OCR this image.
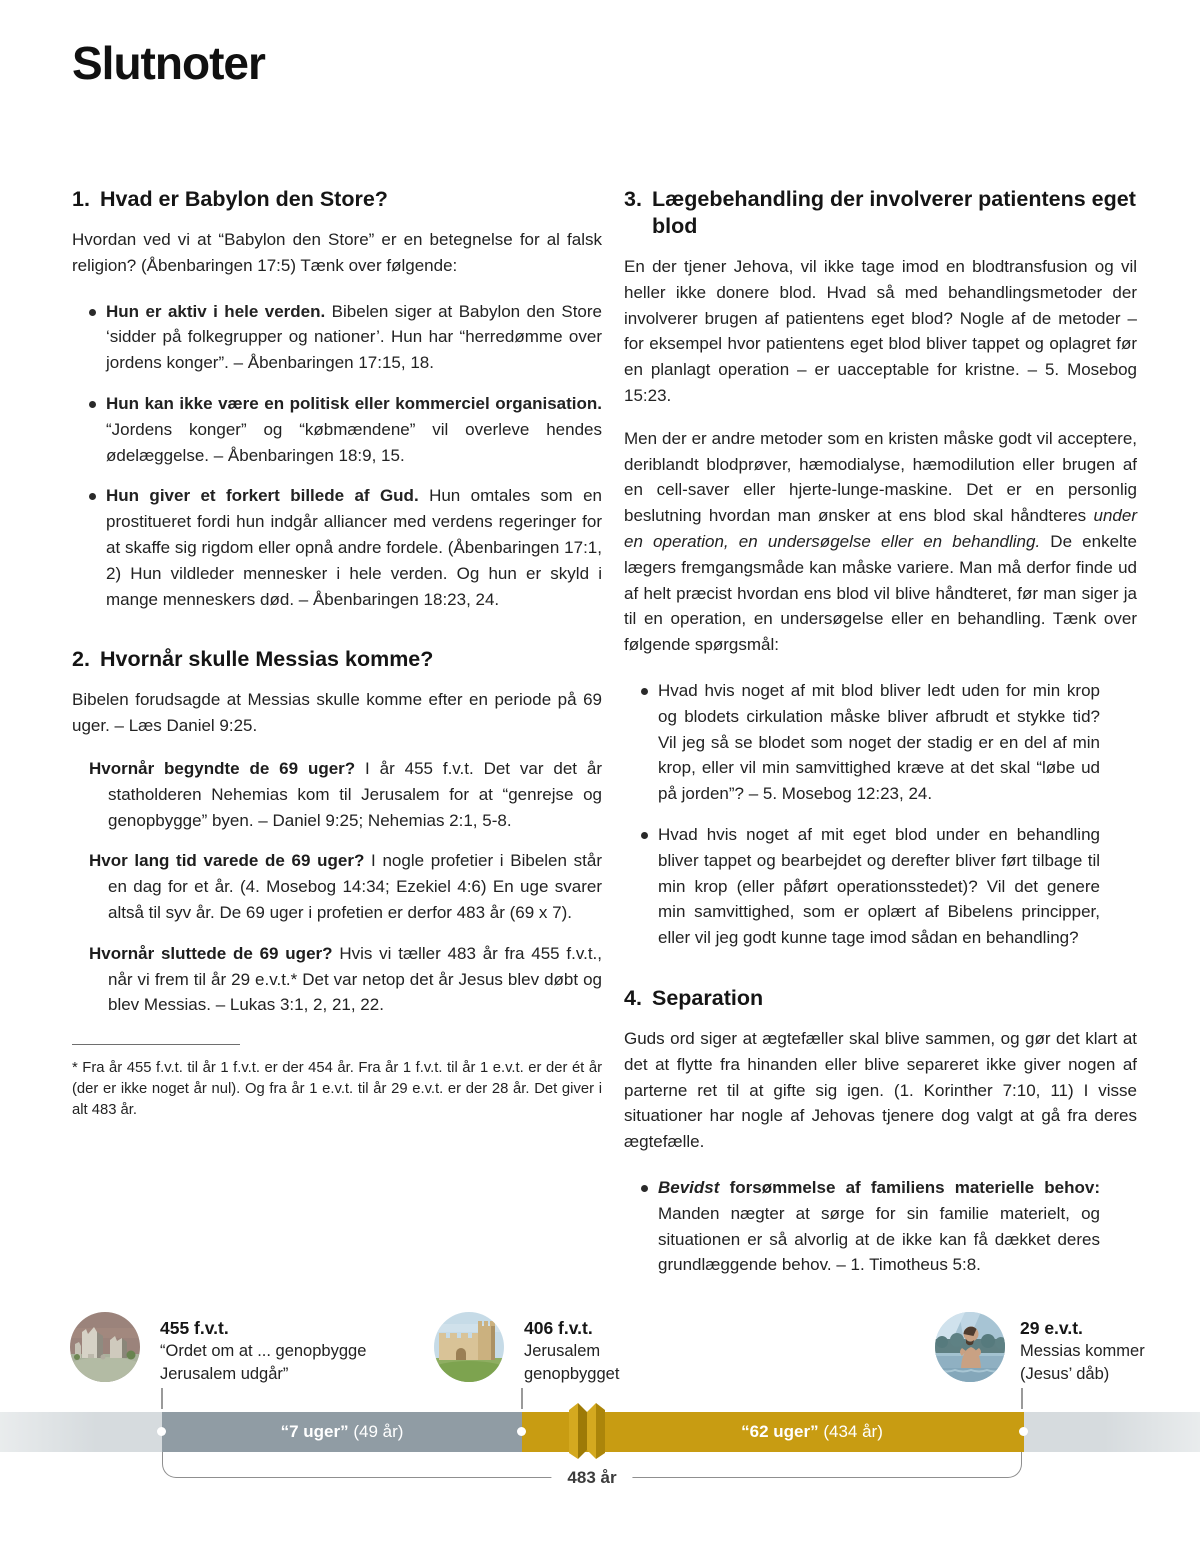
Slutnoter
1. Hvad er Babylon den Store?

Hvordan ved vi at “Babylon den Store” er en betegnelse for al falsk religion? (Åbenbaringen 17:5) Tænk over følgende:

Hun er aktiv i hele verden. Bibelen siger at Babylon den Store ‘sidder på folkegrupper og nationer’. Hun har “herredømme over jordens konger”. – Åbenbaringen 17:15, 18.
Hun kan ikke være en politisk eller kommerciel organisation. “Jordens konger” og “købmændene” vil overleve hendes ødelæggelse. – Åbenbaringen 18:9, 15.
Hun giver et forkert billede af Gud. Hun omtales som en prostitueret fordi hun indgår alliancer med verdens regeringer for at skaffe sig rigdom eller opnå andre fordele. (Åbenbaringen 17:1, 2) Hun vildleder mennesker i hele verden. Og hun er skyld i mange menneskers død. – Åbenbaringen 18:23, 24.
2. Hvornår skulle Messias komme?

Bibelen forudsagde at Messias skulle komme efter en periode på 69 uger. – Læs Daniel 9:25.

Hvornår begyndte de 69 uger? I år 455 f.v.t. Det var det år statholderen Nehemias kom til Jerusalem for at “genrejse og genopbygge” byen. – Daniel 9:25; Nehemias 2:1, 5-8.
Hvor lang tid varede de 69 uger? I nogle profetier i Bibelen står en dag for et år. (4. Mosebog 14:34; Ezekiel 4:6) En uge svarer altså til syv år. De 69 uger i profetien er derfor 483 år (69 x 7).
Hvornår sluttede de 69 uger? Hvis vi tæller 483 år fra 455 f.v.t., når vi frem til år 29 e.v.t.* Det var netop det år Jesus blev døbt og blev Messias. – Lukas 3:1, 2, 21, 22.

* Fra år 455 f.v.t. til år 1 f.v.t. er der 454 år. Fra år 1 f.v.t. til år 1 e.v.t. er der ét år (der er ikke noget år nul). Og fra år 1 e.v.t. til år 29 e.v.t. er der 28 år. Det giver i alt 483 år.

3. Lægebehandling der involverer patientens eget blod

En der tjener Jehova, vil ikke tage imod en blodtransfusion og vil heller ikke donere blod. Hvad så med behandlingsmetoder der involverer brugen af patientens eget blod? Nogle af de metoder – for eksempel hvor patientens eget blod bliver tappet og oplagret før en planlagt operation – er uacceptable for kristne. – 5. Mosebog 15:23.

Men der er andre metoder som en kristen måske godt vil acceptere, deriblandt blodprøver, hæmodialyse, hæmodilution eller brugen af en cell-saver eller hjerte-lunge-maskine. Det er en personlig beslutning hvordan man ønsker at ens blod skal håndteres under en operation, en undersøgelse eller en behandling. De enkelte lægers fremgangsmåde kan måske variere. Man må derfor finde ud af helt præcist hvordan ens blod vil blive håndteret, før man siger ja til en operation, en undersøgelse eller en behandling. Tænk over følgende spørgsmål:

Hvad hvis noget af mit blod bliver ledt uden for min krop og blodets cirkulation måske bliver afbrudt et stykke tid? Vil jeg så se blodet som noget der stadig er en del af min krop, eller vil min samvittighed kræve at det skal “løbe ud på jorden”? – 5. Mosebog 12:23, 24.
Hvad hvis noget af mit eget blod under en behandling bliver tappet og bearbejdet og derefter bliver ført tilbage til min krop (eller påført operationsstedet)? Vil det genere min samvittighed, som er oplært af Bibelens principper, eller vil jeg godt kunne tage imod sådan en behandling?
4. Separation

Guds ord siger at ægtefæller skal blive sammen, og gør det klart at det at flytte fra hinanden eller blive separeret ikke giver nogen af parterne ret til at gifte sig igen. (1. Korinther 7:10, 11) I visse situationer har nogle af Jehovas tjenere dog valgt at gå fra deres ægtefælle.

Bevidst forsømmelse af familiens materielle behov: Manden nægter at sørge for sin familie materielt, og situationen er så alvorlig at de ikke kan få dækket deres grundlæggende behov. – 1. Timotheus 5:8.
“7 uger” (49 år)	“62 uger” (434 år)

455 f.v.t.

“Ordet om at ... genopbygge
Jerusalem udgår”

406 f.v.t.

Jerusalem
genopbygget

29 e.v.t.

Messias kommer
(Jesus’ dåb)

483 år
